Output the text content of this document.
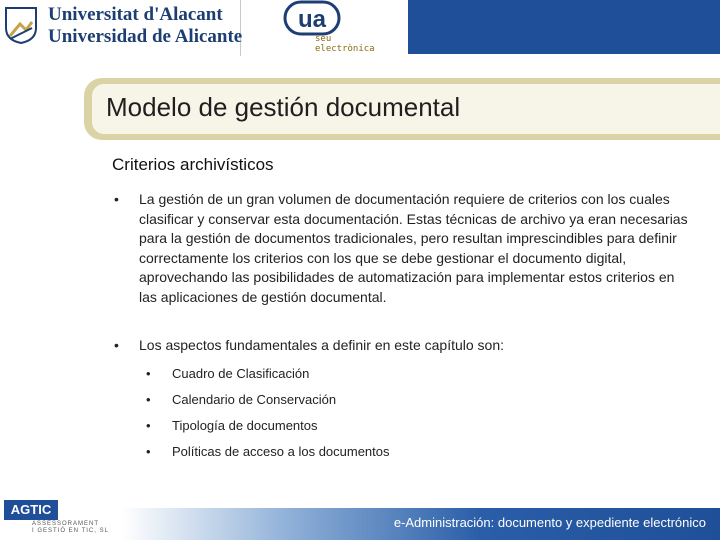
Universitat d'Alacant
Universidad de Alicante
ua
seu
electrònica
Modelo de gestión documental
Criterios archivísticos
• La gestión de un gran volumen de documentación requiere de criterios con los cuales clasificar y conservar esta documentación. Estas técnicas de archivo ya eran necesarias para la gestión de documentos tradicionales, pero resultan imprescindibles para definir correctamente los criterios con los que se debe gestionar el documento digital, aprovechando las posibilidades de automatización para implementar estos criterios en las aplicaciones de gestión documental.
• Los aspectos fundamentales a definir en este capítulo son:
• Cuadro de Clasificación
• Calendario de Conservación
• Tipología de documentos
• Políticas de acceso a los documentos
AGTIC
ASSESSORAMENT
I GESTIÓ EN TIC, SL
e-Administración: documento y expediente electrónico
